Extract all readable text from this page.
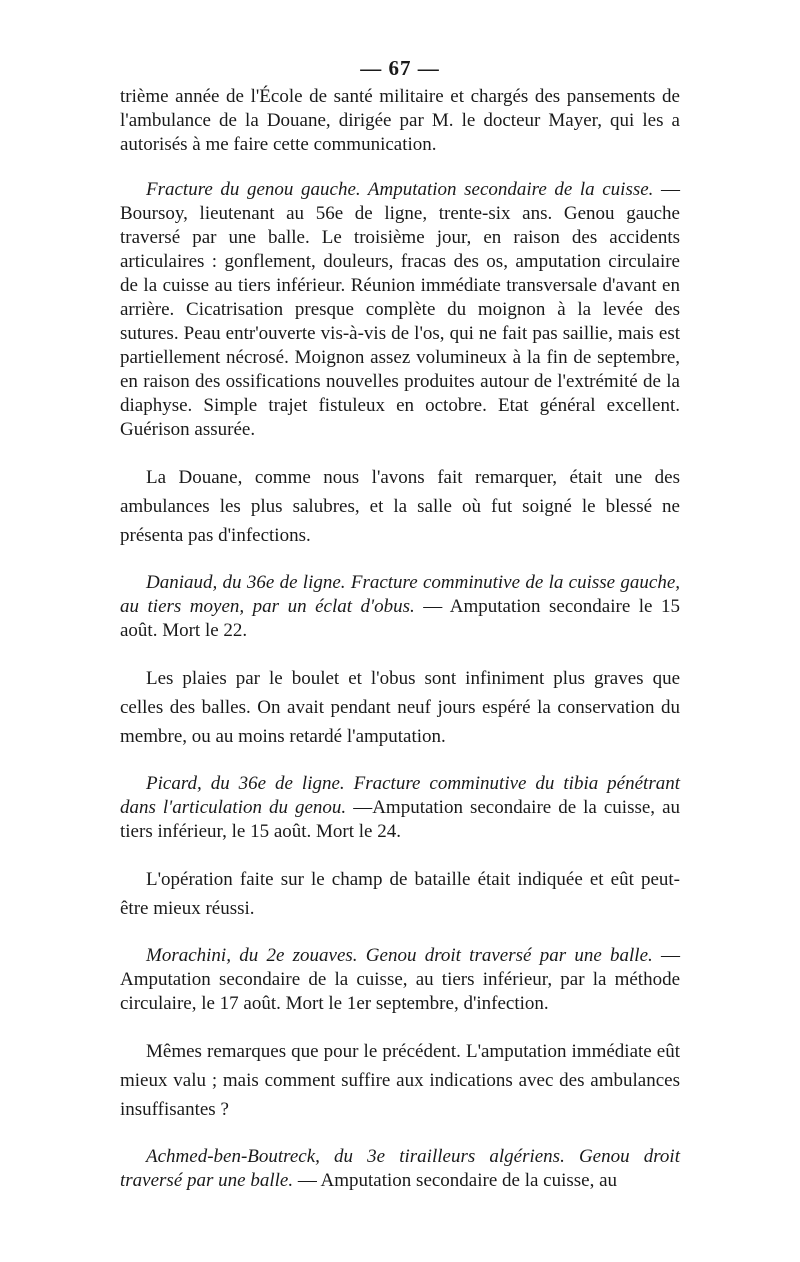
— 67 —

trième année de l'École de santé militaire et chargés des pansements de l'ambulance de la Douane, dirigée par M. le docteur Mayer, qui les a autorisés à me faire cette communication.

Fracture du genou gauche. Amputation secondaire de la cuisse. — Boursoy, lieutenant au 56e de ligne, trente-six ans. Genou gauche traversé par une balle. Le troisième jour, en raison des accidents articulaires : gonflement, douleurs, fracas des os, amputation circulaire de la cuisse au tiers inférieur. Réunion immédiate transversale d'avant en arrière. Cicatrisation presque complète du moignon à la levée des sutures. Peau entr'ouverte vis-à-vis de l'os, qui ne fait pas saillie, mais est partiellement nécrosé. Moignon assez volumineux à la fin de septembre, en raison des ossifications nouvelles produites autour de l'extrémité de la diaphyse. Simple trajet fistuleux en octobre. Etat général excellent. Guérison assurée.

La Douane, comme nous l'avons fait remarquer, était une des ambulances les plus salubres, et la salle où fut soigné le blessé ne présenta pas d'infections.

Daniaud, du 36e de ligne. Fracture comminutive de la cuisse gauche, au tiers moyen, par un éclat d'obus. — Amputation secondaire le 15 août. Mort le 22.

Les plaies par le boulet et l'obus sont infiniment plus graves que celles des balles. On avait pendant neuf jours espéré la conservation du membre, ou au moins retardé l'amputation.

Picard, du 36e de ligne. Fracture comminutive du tibia pénétrant dans l'articulation du genou. —Amputation secondaire de la cuisse, au tiers inférieur, le 15 août. Mort le 24.

L'opération faite sur le champ de bataille était indiquée et eût peut-être mieux réussi.

Morachini, du 2e zouaves. Genou droit traversé par une balle. — Amputation secondaire de la cuisse, au tiers inférieur, par la méthode circulaire, le 17 août. Mort le 1er septembre, d'infection.

Mêmes remarques que pour le précédent. L'amputation immédiate eût mieux valu ; mais comment suffire aux indications avec des ambulances insuffisantes ?

Achmed-ben-Boutreck, du 3e tirailleurs algériens. Genou droit traversé par une balle. — Amputation secondaire de la cuisse, au
